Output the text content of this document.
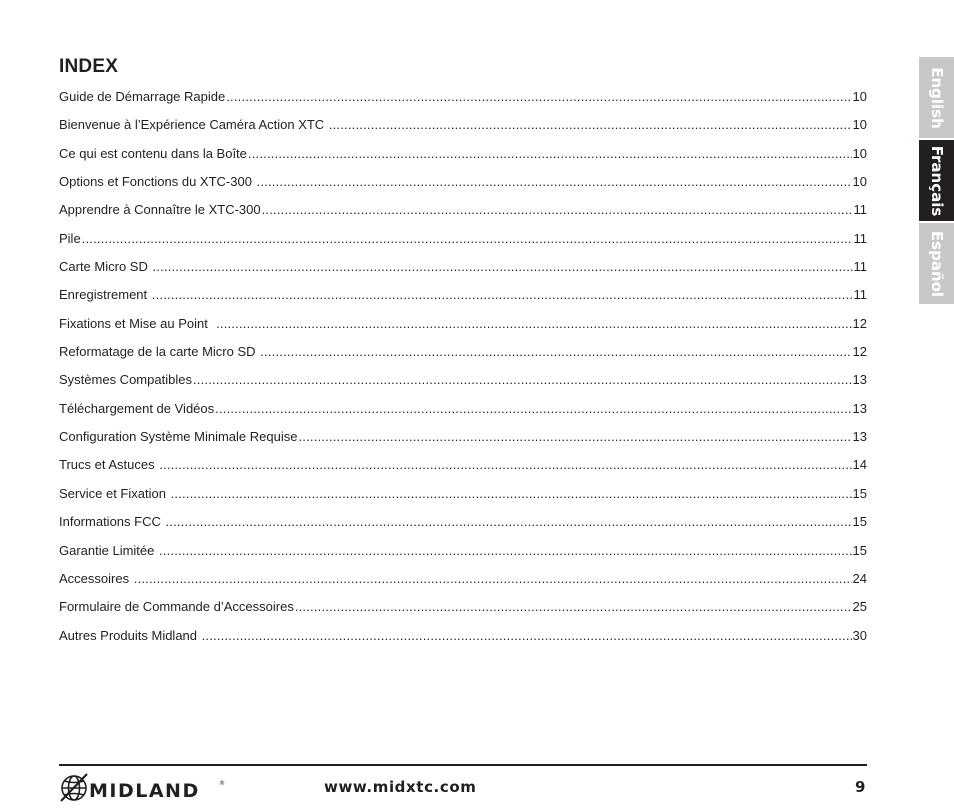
INDEX
Guide de Démarrage Rapide .....	10
Bienvenue à l’Expérience Caméra Action XTC .....	10
Ce qui est contenu dans la Boîte .....	10
Options et Fonctions du XTC-300 .....	10
Apprendre à Connaître le XTC-300 .....	11
Pile .....	11
Carte Micro SD .....	11
Enregistrement .....	11
Fixations et Mise au Point .....	12
Reformatage de la carte Micro SD .....	12
Systèmes Compatibles .....	13
Téléchargement de Vidéos .....	13
Configuration Système Minimale Requise .....	13
Trucs et Astuces .....	14
Service et Fixation .....	15
Informations FCC .....	15
Garantie Limitée .....	15
Accessoires .....	24
Formulaire de Commande d’Accessoires .....	25
Autres Produits Midland .....	30
English
Français
Español
MIDLAND	®	www.midxtc.com	9
